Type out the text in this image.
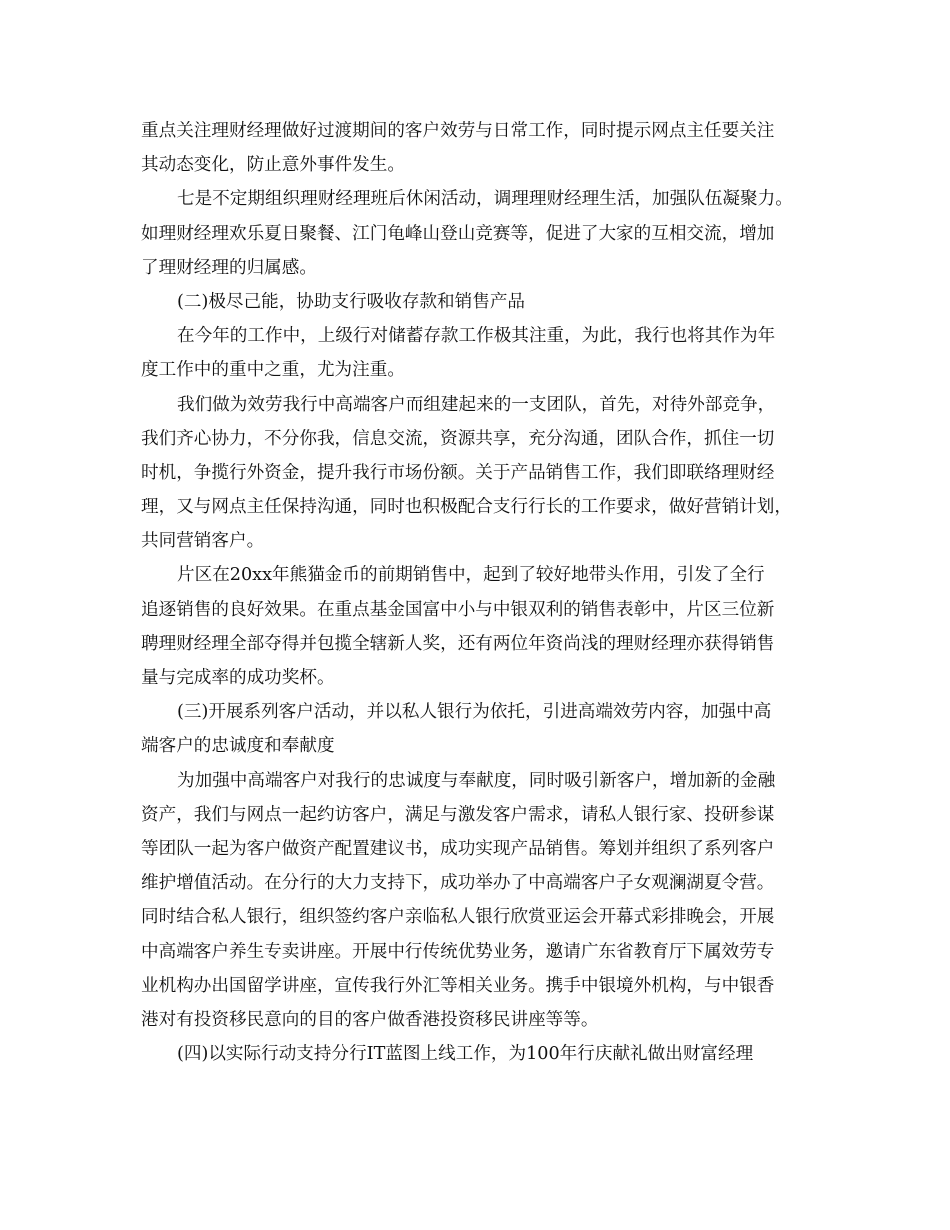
重点关注理财经理做好过渡期间的客户效劳与日常工作，同时提示网点主任要关注
其动态变化，防止意外事件发生。
七是不定期组织理财经理班后休闲活动，调理理财经理生活，加强队伍凝聚力。
如理财经理欢乐夏日聚餐、江门龟峰山登山竞赛等，促进了大家的互相交流，增加
了理财经理的归属感。
(二)极尽己能，协助支行吸收存款和销售产品
在今年的工作中，上级行对储蓄存款工作极其注重，为此，我行也将其作为年
度工作中的重中之重，尤为注重。
我们做为效劳我行中高端客户而组建起来的一支团队，首先，对待外部竞争，
我们齐心协力，不分你我，信息交流，资源共享，充分沟通，团队合作，抓住一切
时机，争揽行外资金，提升我行市场份额。关于产品销售工作，我们即联络理财经
理，又与网点主任保持沟通，同时也积极配合支行行长的工作要求，做好营销计划，
共同营销客户。
片区在20xx年熊猫金币的前期销售中，起到了较好地带头作用，引发了全行
追逐销售的良好效果。在重点基金国富中小与中银双利的销售表彰中，片区三位新
聘理财经理全部夺得并包揽全辖新人奖，还有两位年资尚浅的理财经理亦获得销售
量与完成率的成功奖杯。
(三)开展系列客户活动，并以私人银行为依托，引进高端效劳内容，加强中高
端客户的忠诚度和奉献度
为加强中高端客户对我行的忠诚度与奉献度，同时吸引新客户，增加新的金融
资产，我们与网点一起约访客户，满足与激发客户需求，请私人银行家、投研参谋
等团队一起为客户做资产配置建议书，成功实现产品销售。筹划并组织了系列客户
维护增值活动。在分行的大力支持下，成功举办了中高端客户子女观澜湖夏令营。
同时结合私人银行，组织签约客户亲临私人银行欣赏亚运会开幕式彩排晚会，开展
中高端客户养生专卖讲座。开展中行传统优势业务，邀请广东省教育厅下属效劳专
业机构办出国留学讲座，宣传我行外汇等相关业务。携手中银境外机构，与中银香
港对有投资移民意向的目的客户做香港投资移民讲座等等。
(四)以实际行动支持分行IT蓝图上线工作，为100年行庆献礼做出财富经理
